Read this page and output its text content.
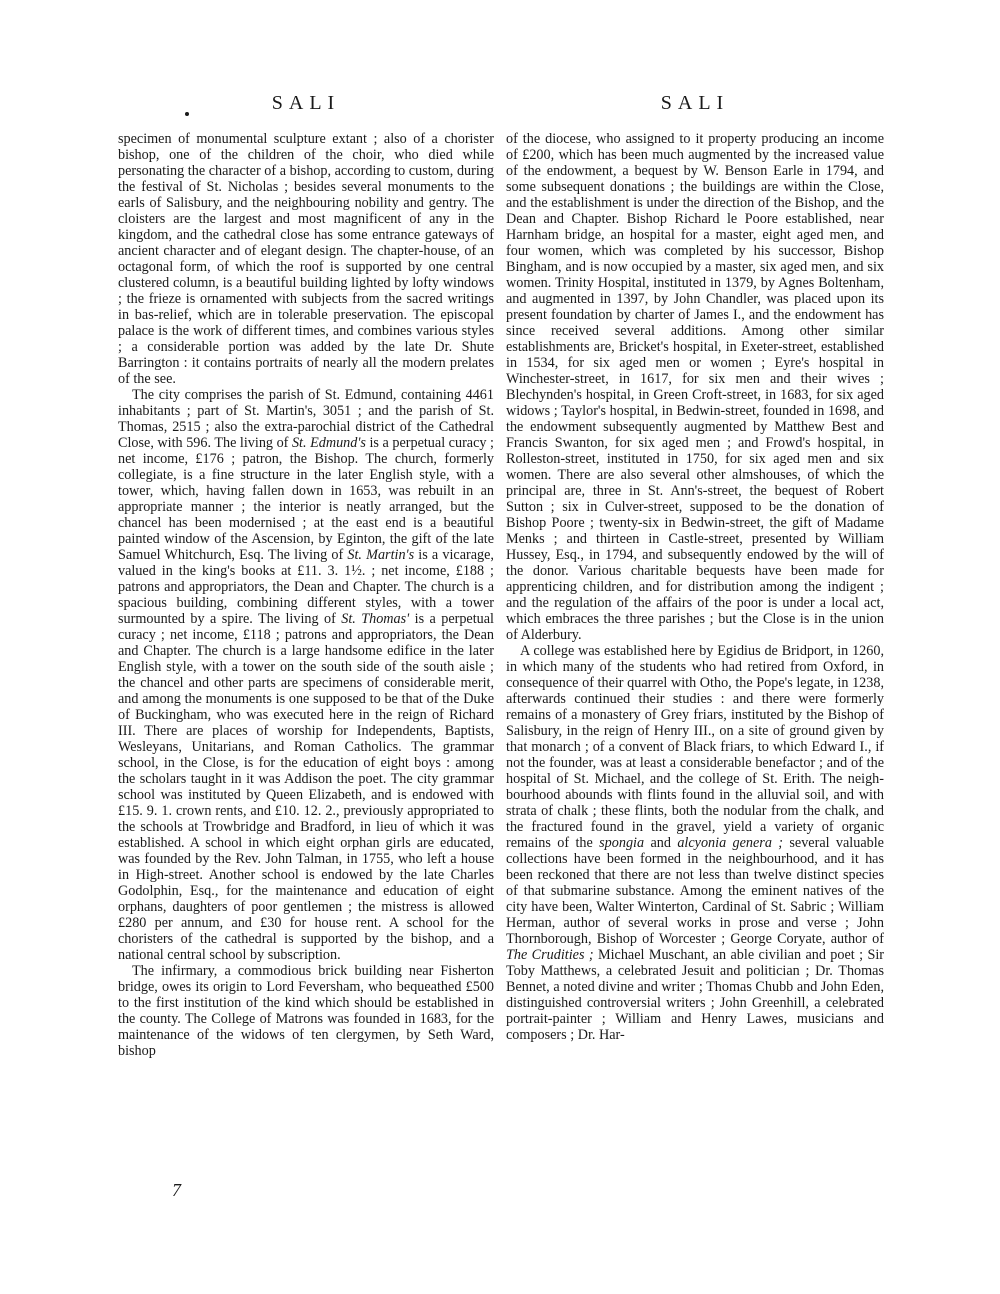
SALI	SALI

specimen of monumental sculpture extant ; also of a chorister bishop, one of the children of the choir, who died while personating the character of a bishop, according to custom, during the festival of St. Nicholas ; besides several monuments to the earls of Salisbury, and the neighbouring nobility and gentry. The cloisters are the largest and most magnificent of any in the kingdom, and the cathedral close has some entrance gateways of ancient character and of elegant design. The chapter-house, of an octagonal form, of which the roof is supported by one central clustered column, is a beautiful building lighted by lofty windows ; the frieze is ornamented with subjects from the sacred writings in bas-relief, which are in tolerable preservation. The episcopal palace is the work of different times, and combines various styles ; a considerable portion was added by the late Dr. Shute Barrington : it contains portraits of nearly all the modern prelates of the see.

The city comprises the parish of St. Edmund, containing 4461 inhabitants ; part of St. Martin's, 3051 ; and the parish of St. Thomas, 2515 ; also the extra-parochial district of the Cathedral Close, with 596. The living of St. Edmund's is a perpetual curacy ; net income, £176 ; patron, the Bishop. The church, formerly collegiate, is a fine structure in the later English style, with a tower, which, having fallen down in 1653, was rebuilt in an appropriate manner ; the interior is neatly arranged, but the chancel has been modernised ; at the east end is a beautiful painted window of the Ascension, by Eginton, the gift of the late Samuel Whitchurch, Esq. The living of St. Martin's is a vicarage, valued in the king's books at £11. 3. 1½. ; net income, £188 ; patrons and appropriators, the Dean and Chapter. The church is a spacious building, combining different styles, with a tower surmounted by a spire. The living of St. Thomas' is a perpetual curacy ; net income, £118 ; patrons and appropriators, the Dean and Chapter. The church is a large handsome edifice in the later English style, with a tower on the south side of the south aisle ; the chancel and other parts are specimens of considerable merit, and among the monuments is one supposed to be that of the Duke of Buckingham, who was executed here in the reign of Richard III. There are places of worship for Independents, Baptists, Wesleyans, Unitarians, and Roman Catholics. The grammar school, in the Close, is for the education of eight boys : among the scholars taught in it was Addison the poet. The city grammar school was instituted by Queen Elizabeth, and is endowed with £15. 9. 1. crown rents, and £10. 12. 2., previously appropriated to the schools at Trowbridge and Bradford, in lieu of which it was established. A school in which eight orphan girls are educated, was founded by the Rev. John Talman, in 1755, who left a house in High-street. Another school is endowed by the late Charles Godolphin, Esq., for the maintenance and education of eight orphans, daughters of poor gentlemen ; the mistress is allowed £280 per annum, and £30 for house rent. A school for the choristers of the cathedral is supported by the bishop, and a national central school by subscription.

The infirmary, a commodious brick building near Fisherton bridge, owes its origin to Lord Feversham, who bequeathed £500 to the first institution of the kind which should be established in the county. The College of Matrons was founded in 1683, for the maintenance of the widows of ten clergymen, by Seth Ward, bishop

of the diocese, who assigned to it property producing an income of £200, which has been much augmented by the increased value of the endowment, a bequest by W. Benson Earle in 1794, and some subsequent donations ; the buildings are within the Close, and the establishment is under the direction of the Bishop, and the Dean and Chapter. Bishop Richard le Poore established, near Harnham bridge, an hospital for a master, eight aged men, and four women, which was completed by his successor, Bishop Bingham, and is now occupied by a master, six aged men, and six women. Trinity Hospital, instituted in 1379, by Agnes Boltenham, and augmented in 1397, by John Chandler, was placed upon its present foundation by charter of James I., and the endowment has since received several additions. Among other similar establishments are, Bricket's hospital, in Exeter-street, established in 1534, for six aged men or women ; Eyre's hospital in Winchester-street, in 1617, for six men and their wives ; Blechynden's hospital, in Green Croft-street, in 1683, for six aged widows ; Taylor's hospital, in Bedwin-street, founded in 1698, and the endowment subsequently augmented by Matthew Best and Francis Swanton, for six aged men ; and Frowd's hospital, in Rolleston-street, instituted in 1750, for six aged men and six women. There are also several other almshouses, of which the principal are, three in St. Ann's-street, the bequest of Robert Sutton ; six in Culver-street, supposed to be the donation of Bishop Poore ; twenty-six in Bedwin-street, the gift of Madame Menks ; and thirteen in Castle-street, presented by William Hussey, Esq., in 1794, and subsequently endowed by the will of the donor. Various charitable bequests have been made for apprenticing children, and for distribution among the indigent ; and the regulation of the affairs of the poor is under a local act, which embraces the three parishes ; but the Close is in the union of Alderbury.

A college was established here by Egidius de Bridport, in 1260, in which many of the students who had retired from Oxford, in consequence of their quarrel with Otho, the Pope's legate, in 1238, afterwards continued their studies : and there were formerly remains of a monastery of Grey friars, instituted by the Bishop of Salisbury, in the reign of Henry III., on a site of ground given by that monarch ; of a convent of Black friars, to which Edward I., if not the founder, was at least a considerable benefactor ; and of the hospital of St. Michael, and the college of St. Erith. The neighbourhood abounds with flints found in the alluvial soil, and with strata of chalk ; these flints, both the nodular from the chalk, and the fractured found in the gravel, yield a variety of organic remains of the spongia and alcyonia genera ; several valuable collections have been formed in the neighbourhood, and it has been reckoned that there are not less than twelve distinct species of that submarine substance. Among the eminent natives of the city have been, Walter Winterton, Cardinal of St. Sabric ; William Herman, author of several works in prose and verse ; John Thornborough, Bishop of Worcester ; George Coryate, author of The Crudities ; Michael Muschant, an able civilian and poet ; Sir Toby Matthews, a celebrated Jesuit and politician ; Dr. Thomas Bennet, a noted divine and writer ; Thomas Chubb and John Eden, distinguished controversial writers ; John Greenhill, a celebrated portrait-painter ; William and Henry Lawes, musicians and composers ; Dr. Har-

7
